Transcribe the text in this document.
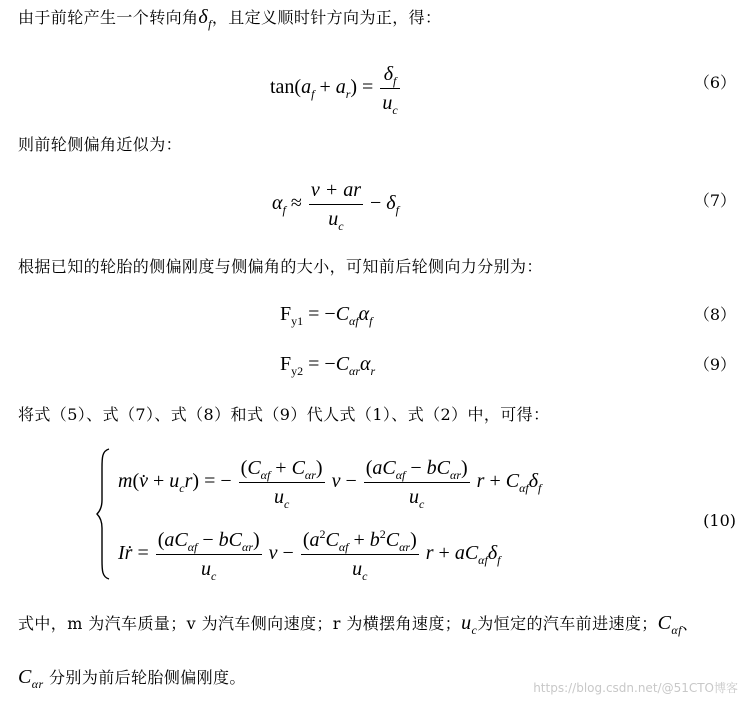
由于前轮产生一个转向角$\delta_f$，且定义顺时针方向为正，得：
$\tan(a_f + a_r) = \frac{\delta_f}{u_c}$	（6）
则前轮侧偏角近似为：
$\alpha_f \approx \frac{v + ar}{u_c} - \delta_f$
（7）
根据已知的轮胎的侧偏刚度与侧偏角的大小，可知前后轮侧向力分别为：
$F_{y1} = -C_{\alpha f}\alpha_f$	（8）
$F_{y2} = -C_{\alpha r}\alpha_r$	（9）
将式（5）、式（7）、式（8）和式（9）代人式（1）、式（2）中，可得：
m(v̇ + $u_cr$) = − $\frac{(C_{\alpha f} + C_{\alpha r})}{u_c}$ $v - \frac{(aC_{\alpha f} - bC_{\alpha r})}{u_c}$ $r + C_{\alpha f}\delta_f$
Iṙ = $\frac{(aC_{\alpha f} - bC_{\alpha r})}{u_c}$ $v - \frac{(a^2C_{\alpha f} + b^2C_{\alpha r})}{u_c}$ $r + aC_{\alpha f}\delta_f$
(10)
式中，m 为汽车质量；v 为汽车侧向速度；r 为横摆角速度；$u_c$为恒定的汽车前进速度；$C_{\alpha f}$、
$C_{\alpha r}$ 分别为前后轮胎侧偏刚度。
https://blog.csdn.net/@51CTO博客
